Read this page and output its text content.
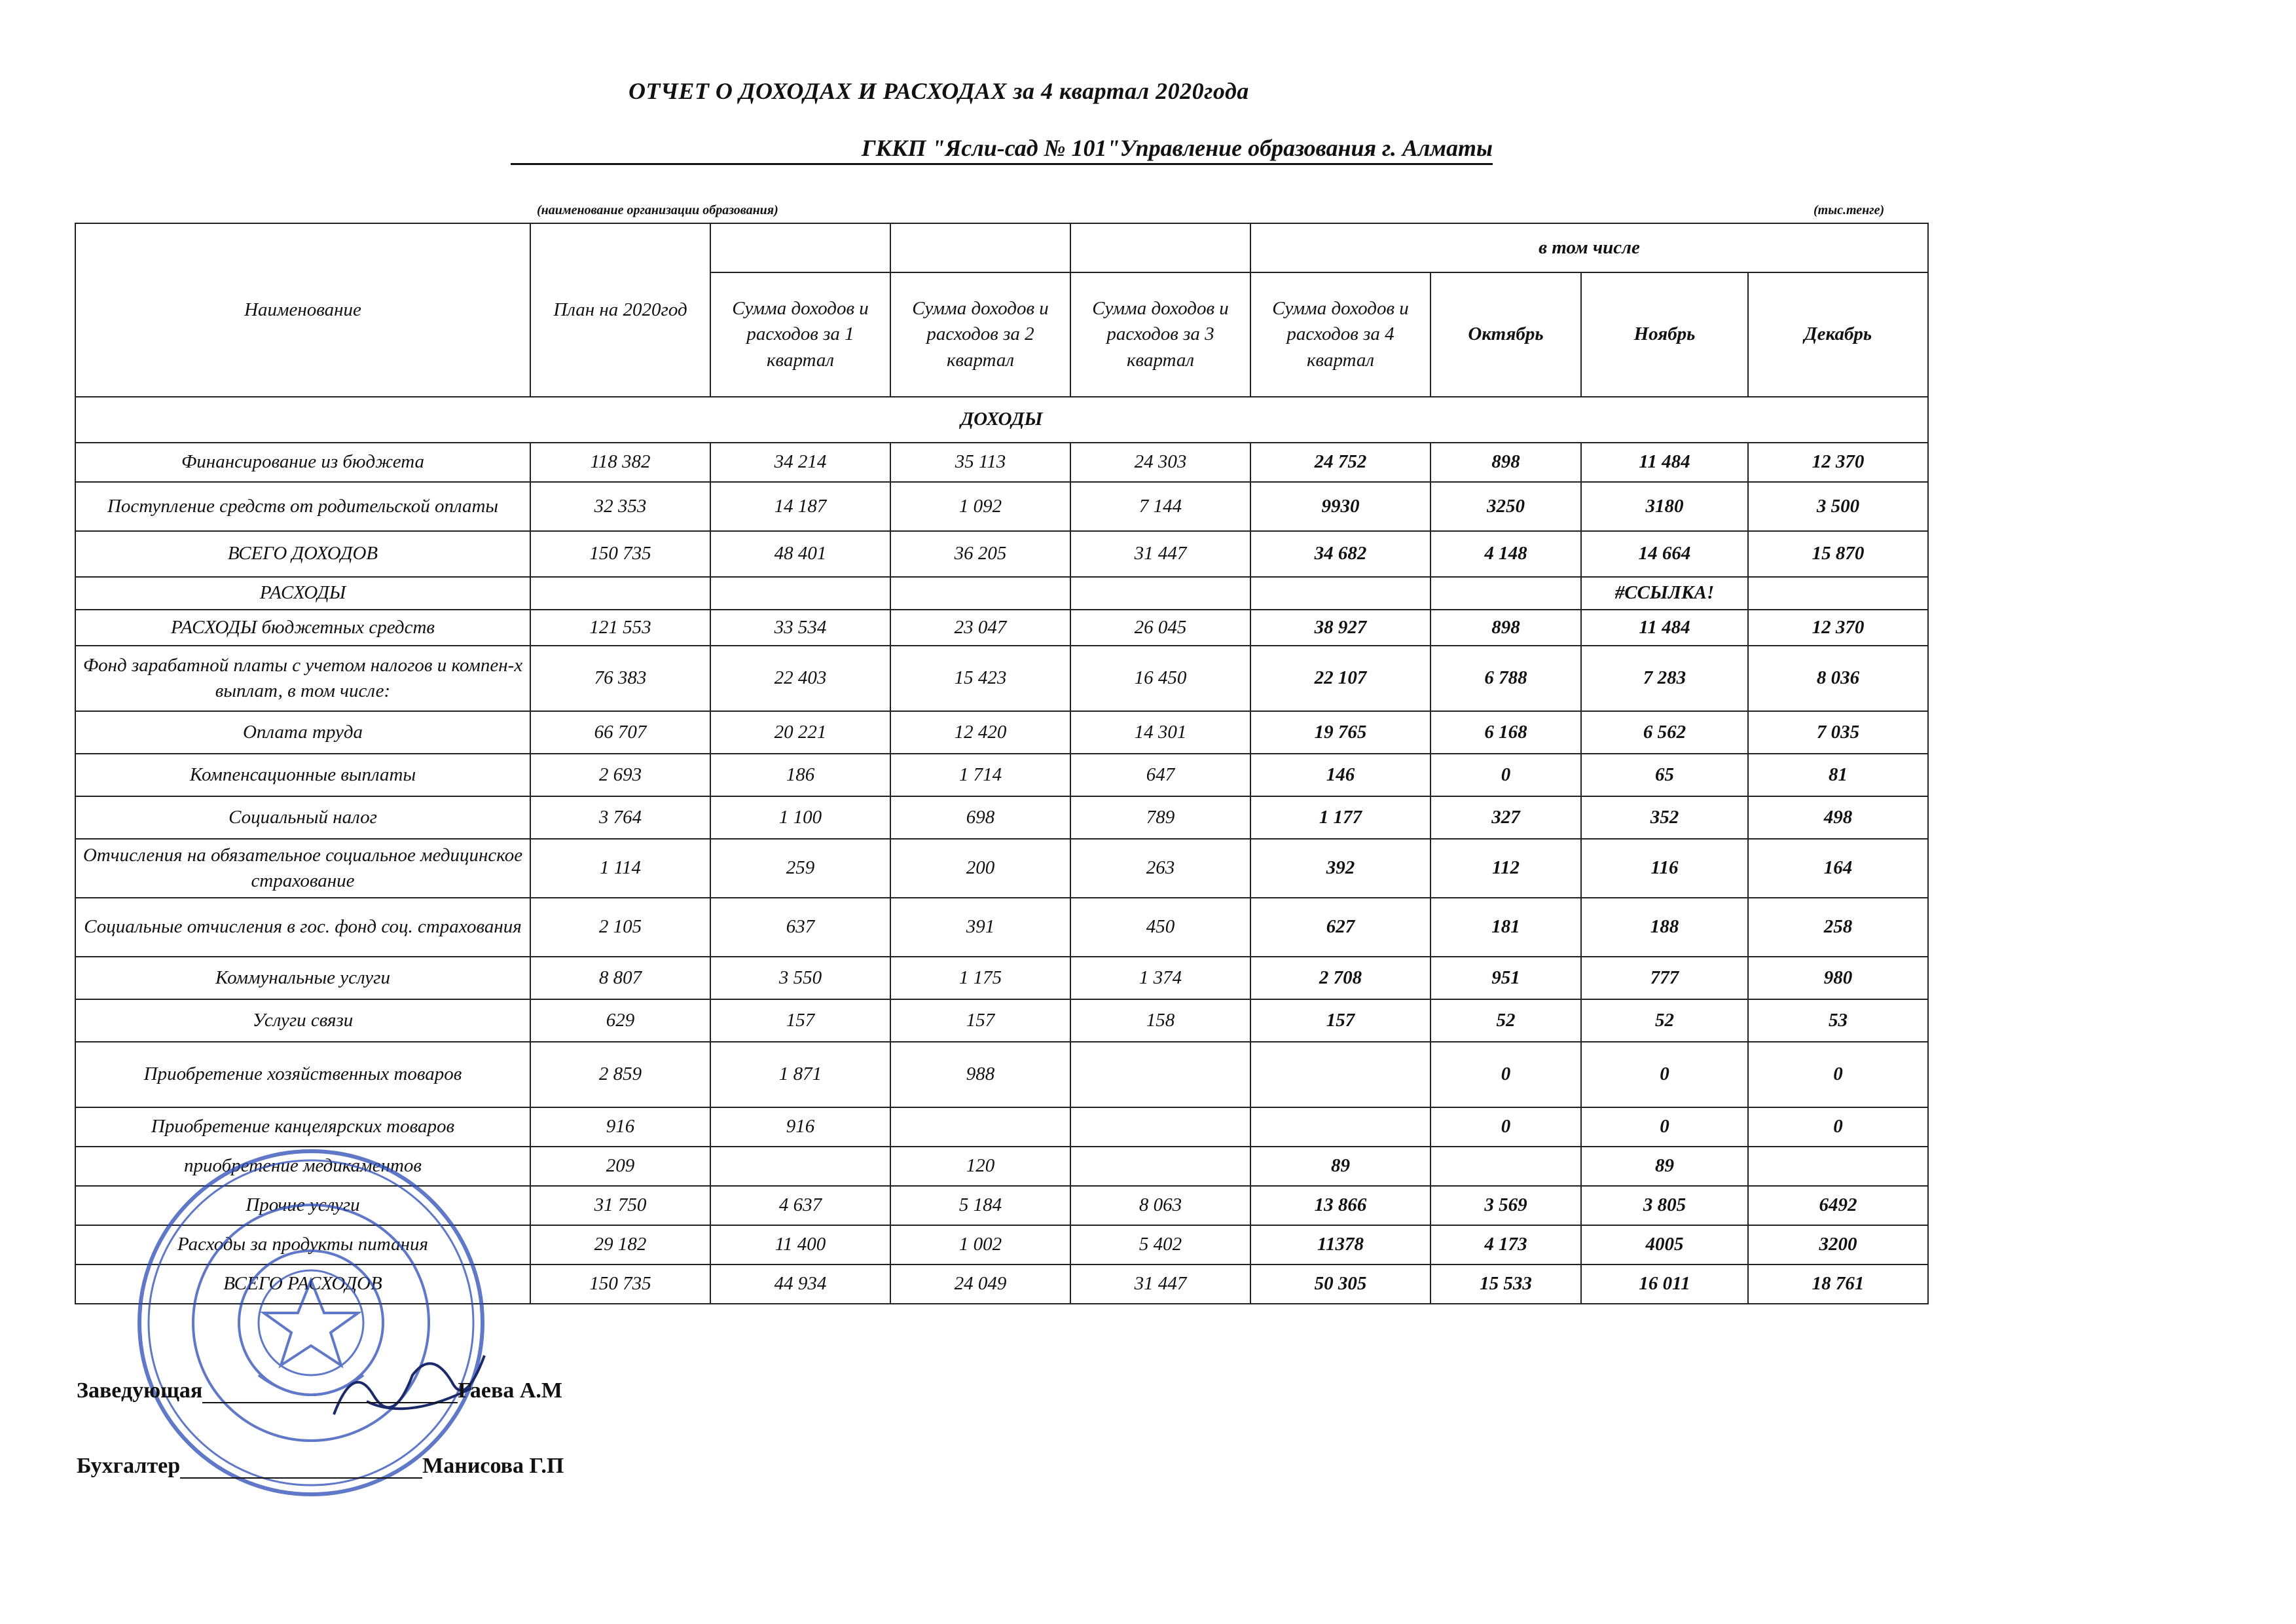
ОТЧЕТ О ДОХОДАХ И РАСХОДАХ за 4 квартал 2020года
ГККП "Ясли-сад № 101"Управление образования г. Алматы
(наименование организации образования)	(тыс.тенге)
Наименование	План на 2020год				в том числе			
		Сумма доходов и расходов за 1 квартал	Сумма доходов и расходов за 2 квартал	Сумма доходов и расходов за 3 квартал	Сумма доходов и расходов за 4 квартал	Октябрь	Ноябрь	Декабрь
ДОХОДЫ								
Финансирование из бюджета	118 382	34 214	35 113	24 303	24 752	898	11 484	12 370
Поступление средств от родительской оплаты	32 353	14 187	1 092	7 144	9930	3250	3180	3 500
ВСЕГО ДОХОДОВ	150 735	48 401	36 205	31 447	34 682	4 148	14 664	15 870
РАСХОДЫ							#ССЫЛКА!	
РАСХОДЫ бюджетных средств	121 553	33 534	23 047	26 045	38 927	898	11 484	12 370
Фонд зарабатной платы с учетом налогов и компен-х выплат, в том числе:	76 383	22 403	15 423	16 450	22 107	6 788	7 283	8 036
Оплата труда	66 707	20 221	12 420	14 301	19 765	6 168	6 562	7 035
Компенсационные выплаты	2 693	186	1 714	647	146	0	65	81
Социальный налог	3 764	1 100	698	789	1 177	327	352	498
Отчисления на обязательное социальное медицинское страхование	1 114	259	200	263	392	112	116	164
Социальные отчисления в гос. фонд соц. страхования	2 105	637	391	450	627	181	188	258
Коммунальные услуги	8 807	3 550	1 175	1 374	2 708	951	777	980
Услуги связи	629	157	157	158	157	52	52	53
Приобретение хозяйственных товаров	2 859	1 871	988			0	0	0
Приобретение канцелярских товаров	916	916				0	0	0
приобретение медикаментов	209		120		89		89	
Прочие услуги	31 750	4 637	5 184	8 063	13 866	3 569	3 805	6492
Расходы за продукты питания	29 182	11 400	1 002	5 402	11378	4 173	4005	3200
ВСЕГО РАСХОДОВ	150 735	44 934	24 049	31 447	50 305	15 533	16 011	18 761
Заведующая	Гаева А.М
Бухгалтер	Манисова Г.П
